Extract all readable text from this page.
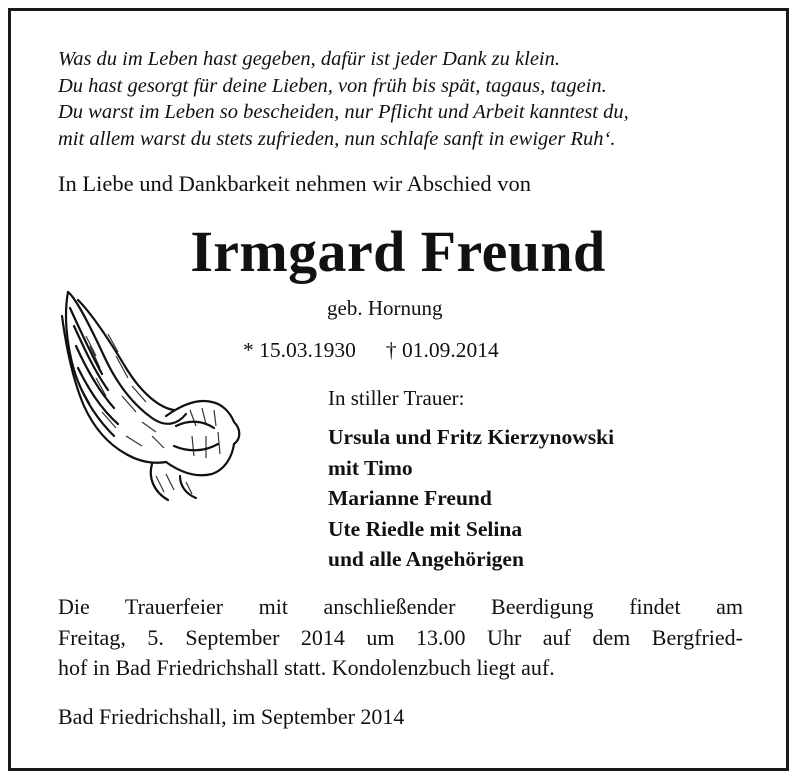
Was du im Leben hast gegeben, dafür ist jeder Dank zu klein.
Du hast gesorgt für deine Lieben, von früh bis spät, tagaus, tagein.
Du warst im Leben so bescheiden, nur Pflicht und Arbeit kanntest du,
mit allem warst du stets zufrieden, nun schlafe sanft in ewiger Ruh‘.
In Liebe und Dankbarkeit nehmen wir Abschied von
Irmgard Freund
geb. Hornung
* 15.03.1930 † 01.09.2014
In stiller Trauer:
Ursula und Fritz Kierzynowski
mit Timo
Marianne Freund
Ute Riedle mit Selina
und alle Angehörigen
Die Trauerfeier mit anschließender Beerdigung findet am
Freitag, 5. September 2014 um 13.00 Uhr auf dem Bergfried-
hof in Bad Friedrichshall statt. Kondolenzbuch liegt auf.
Bad Friedrichshall, im September 2014
